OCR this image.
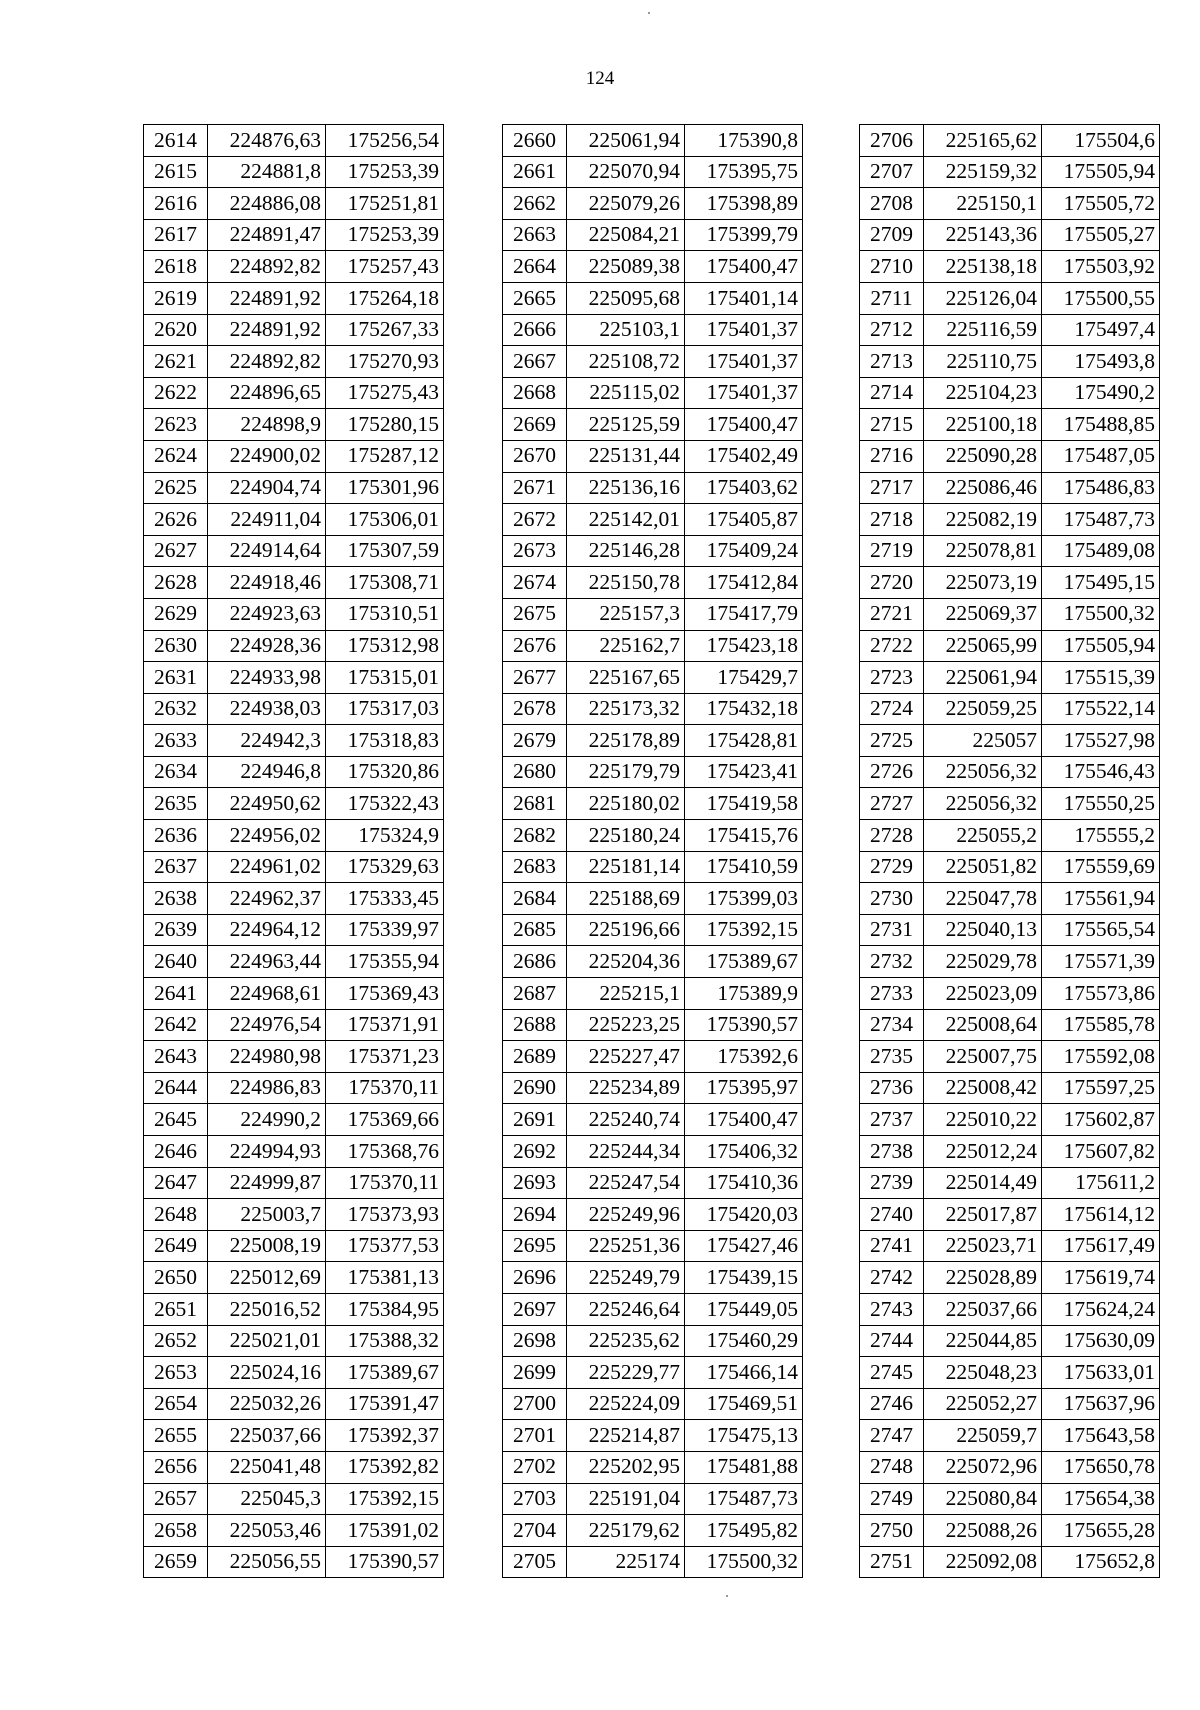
124
2614	224876,63	175256,54
2615	224881,8	175253,39
2616	224886,08	175251,81
2617	224891,47	175253,39
2618	224892,82	175257,43
2619	224891,92	175264,18
2620	224891,92	175267,33
2621	224892,82	175270,93
2622	224896,65	175275,43
2623	224898,9	175280,15
2624	224900,02	175287,12
2625	224904,74	175301,96
2626	224911,04	175306,01
2627	224914,64	175307,59
2628	224918,46	175308,71
2629	224923,63	175310,51
2630	224928,36	175312,98
2631	224933,98	175315,01
2632	224938,03	175317,03
2633	224942,3	175318,83
2634	224946,8	175320,86
2635	224950,62	175322,43
2636	224956,02	175324,9
2637	224961,02	175329,63
2638	224962,37	175333,45
2639	224964,12	175339,97
2640	224963,44	175355,94
2641	224968,61	175369,43
2642	224976,54	175371,91
2643	224980,98	175371,23
2644	224986,83	175370,11
2645	224990,2	175369,66
2646	224994,93	175368,76
2647	224999,87	175370,11
2648	225003,7	175373,93
2649	225008,19	175377,53
2650	225012,69	175381,13
2651	225016,52	175384,95
2652	225021,01	175388,32
2653	225024,16	175389,67
2654	225032,26	175391,47
2655	225037,66	175392,37
2656	225041,48	175392,82
2657	225045,3	175392,15
2658	225053,46	175391,02
2659	225056,55	175390,57
2660	225061,94	175390,8
2661	225070,94	175395,75
2662	225079,26	175398,89
2663	225084,21	175399,79
2664	225089,38	175400,47
2665	225095,68	175401,14
2666	225103,1	175401,37
2667	225108,72	175401,37
2668	225115,02	175401,37
2669	225125,59	175400,47
2670	225131,44	175402,49
2671	225136,16	175403,62
2672	225142,01	175405,87
2673	225146,28	175409,24
2674	225150,78	175412,84
2675	225157,3	175417,79
2676	225162,7	175423,18
2677	225167,65	175429,7
2678	225173,32	175432,18
2679	225178,89	175428,81
2680	225179,79	175423,41
2681	225180,02	175419,58
2682	225180,24	175415,76
2683	225181,14	175410,59
2684	225188,69	175399,03
2685	225196,66	175392,15
2686	225204,36	175389,67
2687	225215,1	175389,9
2688	225223,25	175390,57
2689	225227,47	175392,6
2690	225234,89	175395,97
2691	225240,74	175400,47
2692	225244,34	175406,32
2693	225247,54	175410,36
2694	225249,96	175420,03
2695	225251,36	175427,46
2696	225249,79	175439,15
2697	225246,64	175449,05
2698	225235,62	175460,29
2699	225229,77	175466,14
2700	225224,09	175469,51
2701	225214,87	175475,13
2702	225202,95	175481,88
2703	225191,04	175487,73
2704	225179,62	175495,82
2705	225174	175500,32
2706	225165,62	175504,6
2707	225159,32	175505,94
2708	225150,1	175505,72
2709	225143,36	175505,27
2710	225138,18	175503,92
2711	225126,04	175500,55
2712	225116,59	175497,4
2713	225110,75	175493,8
2714	225104,23	175490,2
2715	225100,18	175488,85
2716	225090,28	175487,05
2717	225086,46	175486,83
2718	225082,19	175487,73
2719	225078,81	175489,08
2720	225073,19	175495,15
2721	225069,37	175500,32
2722	225065,99	175505,94
2723	225061,94	175515,39
2724	225059,25	175522,14
2725	225057	175527,98
2726	225056,32	175546,43
2727	225056,32	175550,25
2728	225055,2	175555,2
2729	225051,82	175559,69
2730	225047,78	175561,94
2731	225040,13	175565,54
2732	225029,78	175571,39
2733	225023,09	175573,86
2734	225008,64	175585,78
2735	225007,75	175592,08
2736	225008,42	175597,25
2737	225010,22	175602,87
2738	225012,24	175607,82
2739	225014,49	175611,2
2740	225017,87	175614,12
2741	225023,71	175617,49
2742	225028,89	175619,74
2743	225037,66	175624,24
2744	225044,85	175630,09
2745	225048,23	175633,01
2746	225052,27	175637,96
2747	225059,7	175643,58
2748	225072,96	175650,78
2749	225080,84	175654,38
2750	225088,26	175655,28
2751	225092,08	175652,8
